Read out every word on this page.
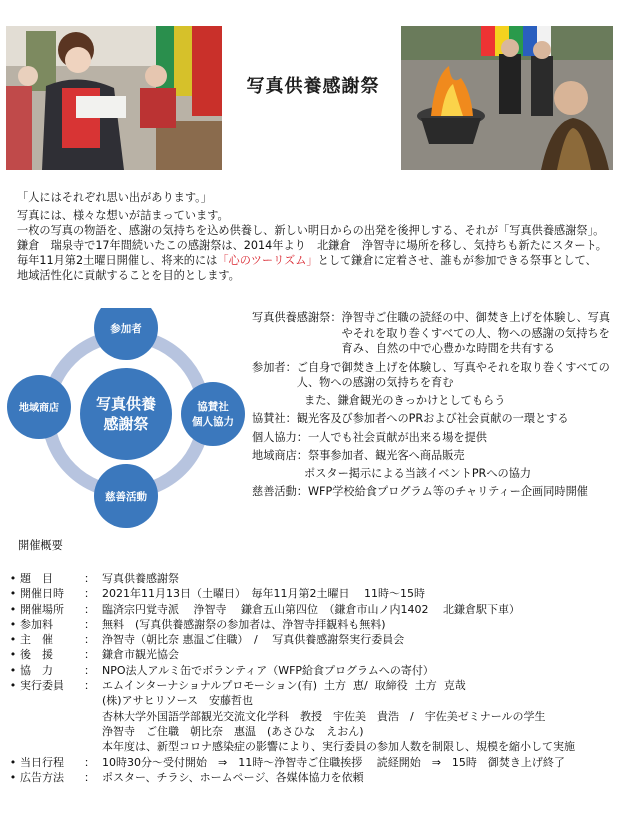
写真供養感謝祭

「人にはそれぞれ思い出があります。」

写真には、様々な想いが詰まっています。

一枚の写真の物語を、感謝の気持ちを込め供養し、新しい明日からの出発を後押しする、それが「写真供養感謝祭」。鎌倉　瑞泉寺で17年間続いたこの感謝祭は、2014年より　北鎌倉　浄智寺に場所を移し、気持ちも新たにスタート。毎年11月第2土曜日開催し、将来的には「心のツーリズム」として鎌倉に定着させ、誰もが参加できる祭事として、地域活性化に貢献することを目的とします。

写真供養
感謝祭
参加者
協賛社
個人協力
慈善活動
地域商店
写真供養感謝祭： 浄智寺ご住職の読経の中、御焚き上げを体験し、写真やそれを取り巻くすべての人、物への感謝の気持ちを育み、自然の中で心豊かな時間を共有する
参加者： ご自身で御焚き上げを体験し、写真やそれを取り巻くすべての人、物への感謝の気持ちを育む
また、鎌倉観光のきっかけとしてもらう
協賛社： 観光客及び参加者へのPRおよび社会貢献の一環とする
個人協力： 一人でも社会貢献が出来る場を提供
地域商店： 祭事参加者、観光客へ商品販売
ポスター掲示による当該イベントPRへの協力
慈善活動： WFP学校給食プログラム等のチャリティー企画同時開催
開催概要
• 題　目	： 写真供養感謝祭
• 開催日時	： 2021年11月13日（土曜日）　毎年11月第2土曜日　 11時～15時
• 開催場所	： 臨済宗円覚寺派　 浄智寺　 鎌倉五山第四位　（鎌倉市山ノ内1402　 北鎌倉駅下車）
• 参加料	： 無料　(写真供養感謝祭の参加者は、浄智寺拝観料も無料)
• 主　催	： 浄智寺（朝比奈 惠温ご住職）　/　 写真供養感謝祭実行委員会
• 後　援	： 鎌倉市観光協会
• 協　力	： NPO法人アルミ缶でボランティア（WFP給食プログラムへの寄付）
• 実行委員	： エムインターナショナルプロモーション(有)  土方  恵/  取締役  土方  克哉
(株)アサヒリソース　安藤哲也
杏林大学外国語学部観光交流文化学科　教授　宇佐美　貴浩　/　宇佐美ゼミナールの学生
浄智寺　ご住職　朝比奈　惠温　(あさひな　えおん)
本年度は、新型コロナ感染症の影響により、実行委員の参加人数を制限し、規模を縮小して実施
• 当日行程	： 10時30分～受付開始　⇒　11時～浄智寺ご住職挨拶　 読経開始　⇒　15時　御焚き上げ終了
• 広告方法	： ポスター、チラシ、ホームページ、各媒体協力を依頼
